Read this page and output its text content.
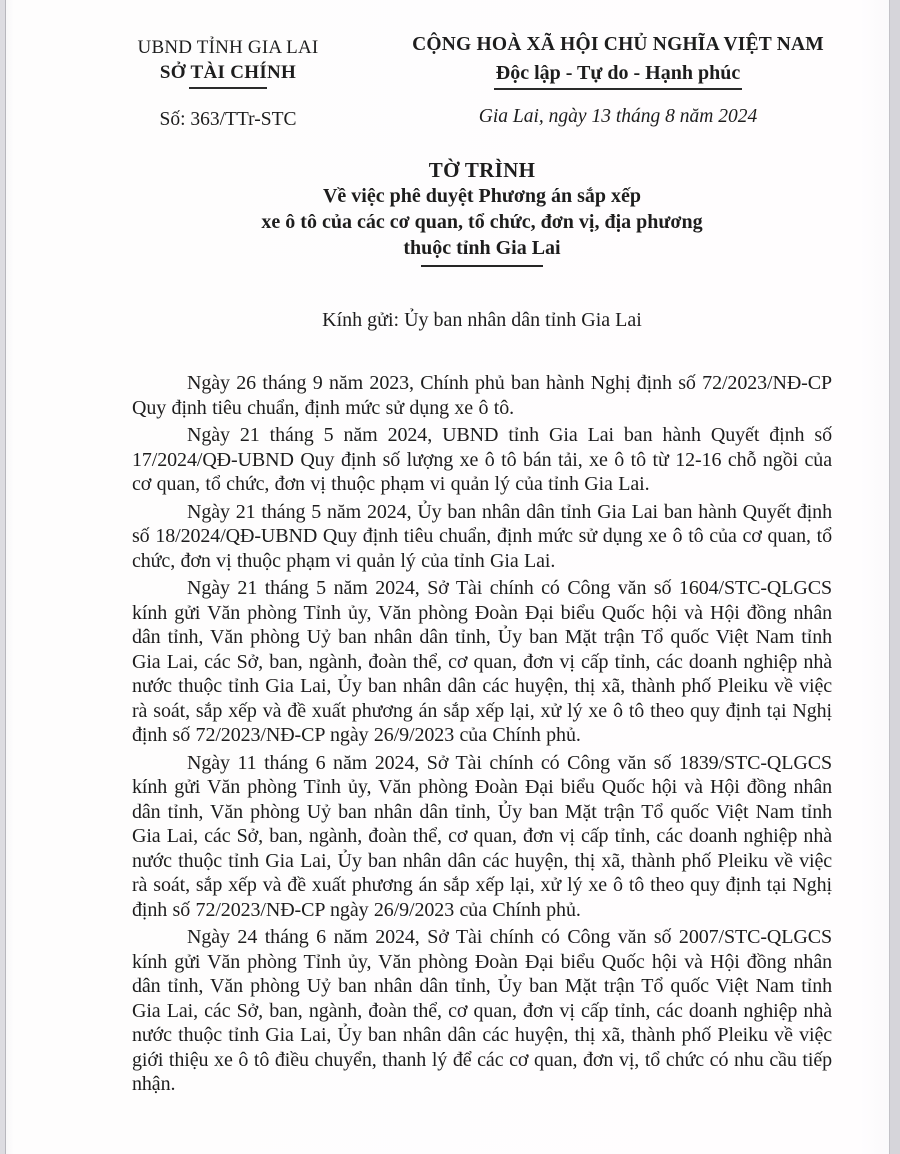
UBND TỈNH GIA LAI
SỞ TÀI CHÍNH
Số: 363/TTr-STC
CỘNG HOÀ XÃ HỘI CHỦ NGHĨA VIỆT NAM
Độc lập - Tự do - Hạnh phúc
Gia Lai, ngày 13 tháng 8 năm 2024
TỜ TRÌNH
Về việc phê duyệt Phương án sắp xếp
xe ô tô của các cơ quan, tổ chức, đơn vị, địa phương
thuộc tỉnh Gia Lai
Kính gửi: Ủy ban nhân dân tỉnh Gia Lai

Ngày 26 tháng 9 năm 2023, Chính phủ ban hành Nghị định số 72/2023/NĐ-CP Quy định tiêu chuẩn, định mức sử dụng xe ô tô.

Ngày 21 tháng 5 năm 2024, UBND tỉnh Gia Lai ban hành Quyết định số 17/2024/QĐ-UBND Quy định số lượng xe ô tô bán tải, xe ô tô từ 12-16 chỗ ngồi của cơ quan, tổ chức, đơn vị thuộc phạm vi quản lý của tỉnh Gia Lai.

Ngày 21 tháng 5 năm 2024, Ủy ban nhân dân tỉnh Gia Lai ban hành Quyết định số 18/2024/QĐ-UBND Quy định tiêu chuẩn, định mức sử dụng xe ô tô của cơ quan, tổ chức, đơn vị thuộc phạm vi quản lý của tỉnh Gia Lai.

Ngày 21 tháng 5 năm 2024, Sở Tài chính có Công văn số 1604/STC-QLGCS kính gửi Văn phòng Tỉnh ủy, Văn phòng Đoàn Đại biểu Quốc hội và Hội đồng nhân dân tỉnh, Văn phòng Uỷ ban nhân dân tỉnh, Ủy ban Mặt trận Tổ quốc Việt Nam tỉnh Gia Lai, các Sở, ban, ngành, đoàn thể, cơ quan, đơn vị cấp tỉnh, các doanh nghiệp nhà nước thuộc tỉnh Gia Lai, Ủy ban nhân dân các huyện, thị xã, thành phố Pleiku về việc rà soát, sắp xếp và đề xuất phương án sắp xếp lại, xử lý xe ô tô theo quy định tại Nghị định số 72/2023/NĐ-CP ngày 26/9/2023 của Chính phủ.

Ngày 11 tháng 6 năm 2024, Sở Tài chính có Công văn số 1839/STC-QLGCS kính gửi Văn phòng Tỉnh ủy, Văn phòng Đoàn Đại biểu Quốc hội và Hội đồng nhân dân tỉnh, Văn phòng Uỷ ban nhân dân tỉnh, Ủy ban Mặt trận Tổ quốc Việt Nam tỉnh Gia Lai, các Sở, ban, ngành, đoàn thể, cơ quan, đơn vị cấp tỉnh, các doanh nghiệp nhà nước thuộc tỉnh Gia Lai, Ủy ban nhân dân các huyện, thị xã, thành phố Pleiku về việc rà soát, sắp xếp và đề xuất phương án sắp xếp lại, xử lý xe ô tô theo quy định tại Nghị định số 72/2023/NĐ-CP ngày 26/9/2023 của Chính phủ.

Ngày 24 tháng 6 năm 2024, Sở Tài chính có Công văn số 2007/STC-QLGCS kính gửi Văn phòng Tỉnh ủy, Văn phòng Đoàn Đại biểu Quốc hội và Hội đồng nhân dân tỉnh, Văn phòng Uỷ ban nhân dân tỉnh, Ủy ban Mặt trận Tổ quốc Việt Nam tỉnh Gia Lai, các Sở, ban, ngành, đoàn thể, cơ quan, đơn vị cấp tỉnh, các doanh nghiệp nhà nước thuộc tỉnh Gia Lai, Ủy ban nhân dân các huyện, thị xã, thành phố Pleiku về việc giới thiệu xe ô tô điều chuyển, thanh lý để các cơ quan, đơn vị, tổ chức có nhu cầu tiếp nhận.
